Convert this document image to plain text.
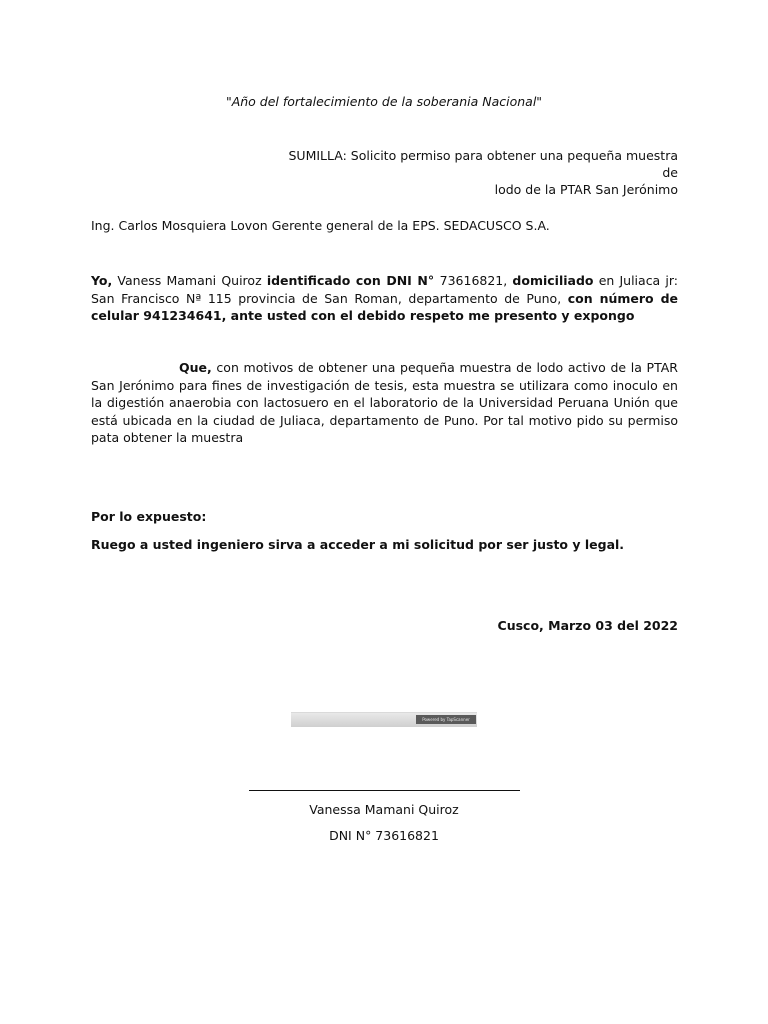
"Año del fortalecimiento de la soberania Nacional"
SUMILLA: Solicito permiso para obtener una pequeña muestra de
lodo de la PTAR San Jerónimo
Ing. Carlos Mosquiera Lovon Gerente general de la EPS. SEDACUSCO S.A.
Yo, Vaness Mamani Quiroz identificado con DNI N° 73616821, domiciliado en Juliaca jr: San Francisco Nª 115 provincia de San Roman, departamento de Puno, con número de celular 941234641, ante usted con el debido respeto me presento y expongo
Que, con motivos de obtener una pequeña muestra de lodo activo de la PTAR San Jerónimo para fines de investigación de tesis, esta muestra se utilizara como inoculo en la digestión anaerobia con lactosuero en el laboratorio de la Universidad Peruana Unión que está ubicada en la ciudad de Juliaca, departamento de Puno. Por tal motivo pido su permiso pata obtener la muestra
Por lo expuesto:
Ruego a usted ingeniero sirva a acceder a mi solicitud por ser justo y legal.
Cusco, Marzo 03 del 2022
Powered by TapScanner
Vanessa Mamani Quiroz
DNI N° 73616821
